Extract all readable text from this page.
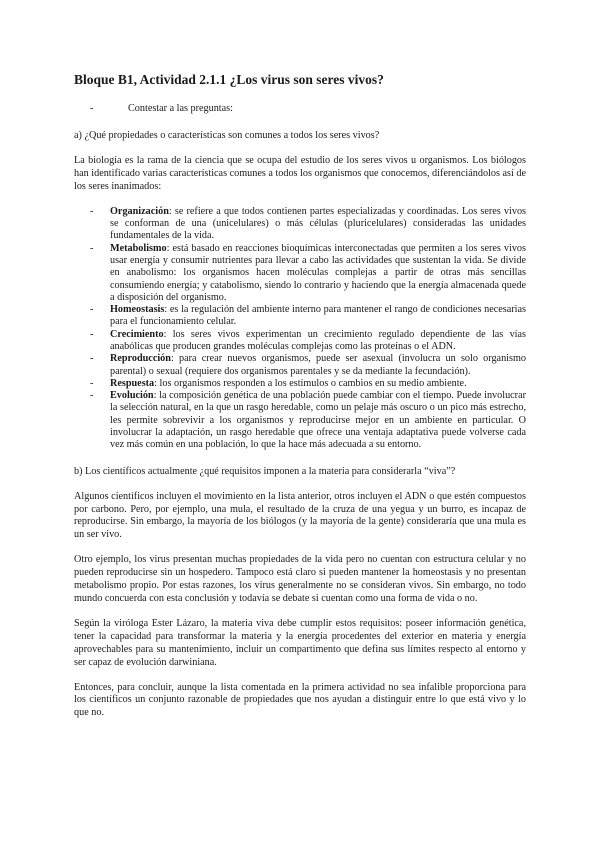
Bloque B1, Actividad 2.1.1 ¿Los virus son seres vivos?
-	Contestar a las preguntas:
a) ¿Qué propiedades o características son comunes a todos los seres vivos?
La biología es la rama de la ciencia que se ocupa del estudio de los seres vivos u organismos. Los biólogos han identificado varias características comunes a todos los organismos que conocemos, diferenciándolos así de los seres inanimados:
-	Organización: se refiere a que todos contienen partes especializadas y coordinadas. Los seres vivos se conforman de una (unicelulares) o más células (pluricelulares) consideradas las unidades fundamentales de la vida.
-	Metabolismo: está basado en reacciones bioquímicas interconectadas que permiten a los seres vivos usar energía y consumir nutrientes para llevar a cabo las actividades que sustentan la vida. Se divide en anabolismo: los organismos hacen moléculas complejas a partir de otras más sencillas consumiendo energía; y catabolismo, siendo lo contrario y haciendo que la energía almacenada quede a disposición del organismo.
-	Homeostasis: es la regulación del ambiente interno para mantener el rango de condiciones necesarias para el funcionamiento celular.
-	Crecimiento: los seres vivos experimentan un crecimiento regulado dependiente de las vías anabólicas que producen grandes moléculas complejas como las proteínas o el ADN.
-	Reproducción: para crear nuevos organismos, puede ser asexual (involucra un solo organismo parental) o sexual (requiere dos organismos parentales y se da mediante la fecundación).
-	Respuesta: los organismos responden a los estímulos o cambios en su medio ambiente.
-	Evolución: la composición genética de una población puede cambiar con el tiempo. Puede involucrar la selección natural, en la que un rasgo heredable, como un pelaje más oscuro o un pico más estrecho, les permite sobrevivir a los organismos y reproducirse mejor en un ambiente en particular. O involucrar la adaptación, un rasgo heredable que ofrece una ventaja adaptativa puede volverse cada vez más común en una población, lo que la hace más adecuada a su entorno.
b) Los científicos actualmente ¿qué requisitos imponen a la materia para considerarla “viva”?
Algunos científicos incluyen el movimiento en la lista anterior, otros incluyen el ADN o que estén compuestos por carbono. Pero, por ejemplo, una mula, el resultado de la cruza de una yegua y un burro, es incapaz de reproducirse. Sin embargo, la mayoría de los biólogos (y la mayoría de la gente) consideraría que una mula es un ser vivo.
Otro ejemplo, los virus presentan muchas propiedades de la vida pero no cuentan con estructura celular y no pueden reproducirse sin un hospedero. Tampoco está claro si pueden mantener la homeostasis y no presentan metabolismo propio. Por estas razones, los virus generalmente no se consideran vivos. Sin embargo, no todo mundo concuerda con esta conclusión y todavía se debate si cuentan como una forma de vida o no.
Según la viróloga Ester Lázaro, la materia viva debe cumplir estos requisitos: poseer información genética, tener la capacidad para transformar la materia y la energía procedentes del exterior en materia y energía aprovechables para su mantenimiento, incluir un compartimento que defina sus límites respecto al entorno y ser capaz de evolución darwiniana.
Entonces, para concluir, aunque la lista comentada en la primera actividad no sea infalible proporciona para los científicos un conjunto razonable de propiedades que nos ayudan a distinguir entre lo que está vivo y lo que no.
